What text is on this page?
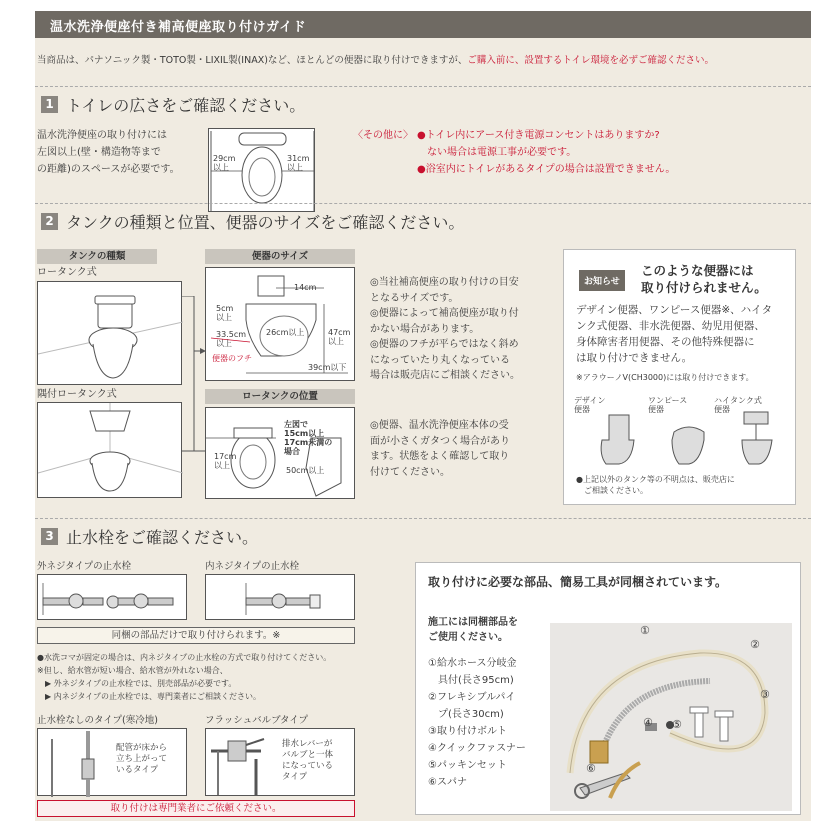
温水洗浄便座付き補高便座取り付けガイド
当商品は、パナソニック製・TOTO製・LIXIL製(INAX)など、ほとんどの便器に取り付けできますが、ご購入前に、設置するトイレ環境を必ずご確認ください。
1 トイレの広さをご確認ください。
温水洗浄便座の取り付けには
左図以上(壁・構造物等まで
の距離)のスペースが必要です。
29cm
以上
31cm
以上
〈その他に〉 ●トイレ内にアース付き電源コンセントはありますか?
ない場合は電源工事が必要です。
●浴室内にトイレがあるタイプの場合は設置できません。
2 タンクの種類と位置、便器のサイズをご確認ください。
タンクの種類
ロータンク式
隅付ロータンク式
便器のサイズ
14cm
5cm
以上
33.5cm
以上
26cm以上	47cm
以上
便器のフチ
39cm以下
ロータンクの位置
17cm
以上
左図で
15cm以上
17cm未満の
場合
50cm以上
◎当社補高便座の取り付けの目安
となるサイズです。
◎便器によって補高便座が取り付
かない場合があります。
◎便器のフチが平らではなく斜め
になっていたり丸くなっている
場合は販売店にご相談ください。
◎便器、温水洗浄便座本体の受
面が小さくガタつく場合があり
ます。状態をよく確認して取り
付けてください。
お知らせ
このような便器には
取り付けられません。
デザイン便器、ワンピース便器※、ハイタ
ンク式便器、非水洗便器、幼児用便器、
身体障害者用便器、その他特殊便器に
は取り付けできません。
※アラウーノV(CH3000)には取り付けできます。
デザイン
便器
ワンピース
便器
ハイタンク式
便器
●上記以外のタンク等の不明点は、販売店に
ご相談ください。
3 止水栓をご確認ください。
外ネジタイプの止水栓	内ネジタイプの止水栓
同梱の部品だけで取り付けられます。※
●水洗コマが固定の場合は、内ネジタイプの止水栓の方式で取り付けてください。
※但し、給水管が短い場合、給水管が外れない場合、
▶ 外ネジタイプの止水栓では、別売部品が必要です。
▶ 内ネジタイプの止水栓では、専門業者にご相談ください。
止水栓なしのタイプ(寒冷地)
配管が床から
立ち上がって
いるタイプ
フラッシュバルブタイプ
排水レバーが
バルブと一体
になっている
タイプ
取り付けは専門業者にご依頼ください。
取り付けに必要な部品、簡易工具が同梱されています。
施工には同梱部品を
ご使用ください。
①給水ホース分岐金
具付(長さ95cm)
②フレキシブルパイ
プ(長さ30cm)
③取り付けボルト
④クイックファスナー
⑤パッキンセット
⑥スパナ
①
②
③
④ ⑤
⑥
